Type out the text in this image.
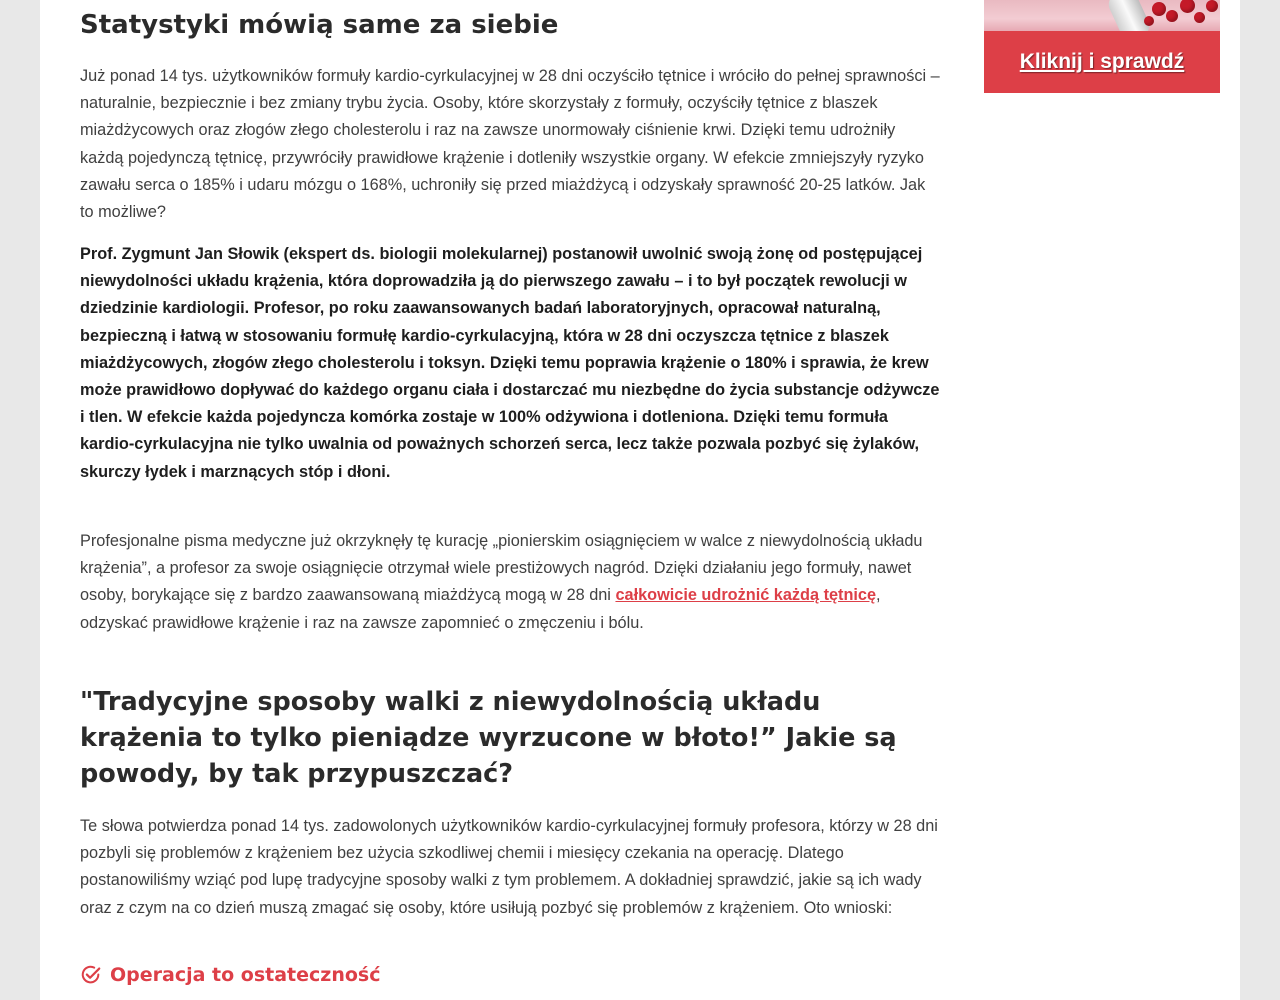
Statystyki mówią same za siebie

Już ponad 14 tys. użytkowników formuły kardio-cyrkulacyjnej w 28 dni oczyściło tętnice i wróciło do pełnej sprawności – naturalnie, bezpiecznie i bez zmiany trybu życia. Osoby, które skorzystały z formuły, oczyściły tętnice z blaszek miażdżycowych oraz złogów złego cholesterolu i raz na zawsze unormowały ciśnienie krwi. Dzięki temu udrożniły każdą pojedynczą tętnicę, przywróciły prawidłowe krążenie i dotleniły wszystkie organy. W efekcie zmniejszyły ryzyko zawału serca o 185% i udaru mózgu o 168%, uchroniły się przed miażdżycą i odzyskały sprawność 20-25 latków. Jak to możliwe?

Prof. Zygmunt Jan Słowik (ekspert ds. biologii molekularnej) postanowił uwolnić swoją żonę od postępującej niewydolności układu krążenia, która doprowadziła ją do pierwszego zawału – i to był początek rewolucji w dziedzinie kardiologii. Profesor, po roku zaawansowanych badań laboratoryjnych, opracował naturalną, bezpieczną i łatwą w stosowaniu formułę kardio-cyrkulacyjną, która w 28 dni oczyszcza tętnice z blaszek miażdżycowych, złogów złego cholesterolu i toksyn. Dzięki temu poprawia krążenie o 180% i sprawia, że krew może prawidłowo dopływać do każdego organu ciała i dostarczać mu niezbędne do życia substancje odżywcze i tlen. W efekcie każda pojedyncza komórka zostaje w 100% odżywiona i dotleniona. Dzięki temu formuła kardio-cyrkulacyjna nie tylko uwalnia od poważnych schorzeń serca, lecz także pozwala pozbyć się żylaków, skurczy łydek i marznących stóp i dłoni.

Profesjonalne pisma medyczne już okrzyknęły tę kurację „pionierskim osiągnięciem w walce z niewydolnością układu krążenia”, a profesor za swoje osiągnięcie otrzymał wiele prestiżowych nagród. Dzięki działaniu jego formuły, nawet osoby, borykające się z bardzo zaawansowaną miażdżycą mogą w 28 dni całkowicie udrożnić każdą tętnicę, odzyskać prawidłowe krążenie i raz na zawsze zapomnieć o zmęczeniu i bólu.

"Tradycyjne sposoby walki z niewydolnością układu krążenia to tylko pieniądze wyrzucone w błoto!” Jakie są powody, by tak przypuszczać?

Te słowa potwierdza ponad 14 tys. zadowolonych użytkowników kardio-cyrkulacyjnej formuły profesora, którzy w 28 dni pozbyli się problemów z krążeniem bez użycia szkodliwej chemii i miesięcy czekania na operację. Dlatego postanowiliśmy wziąć pod lupę tradycyjne sposoby walki z tym problemem. A dokładniej sprawdzić, jakie są ich wady oraz z czym na co dzień muszą zmagać się osoby, które usiłują pozbyć się problemów z krążeniem. Oto wnioski:

Operacja to ostateczność
Kliknij i sprawdź
